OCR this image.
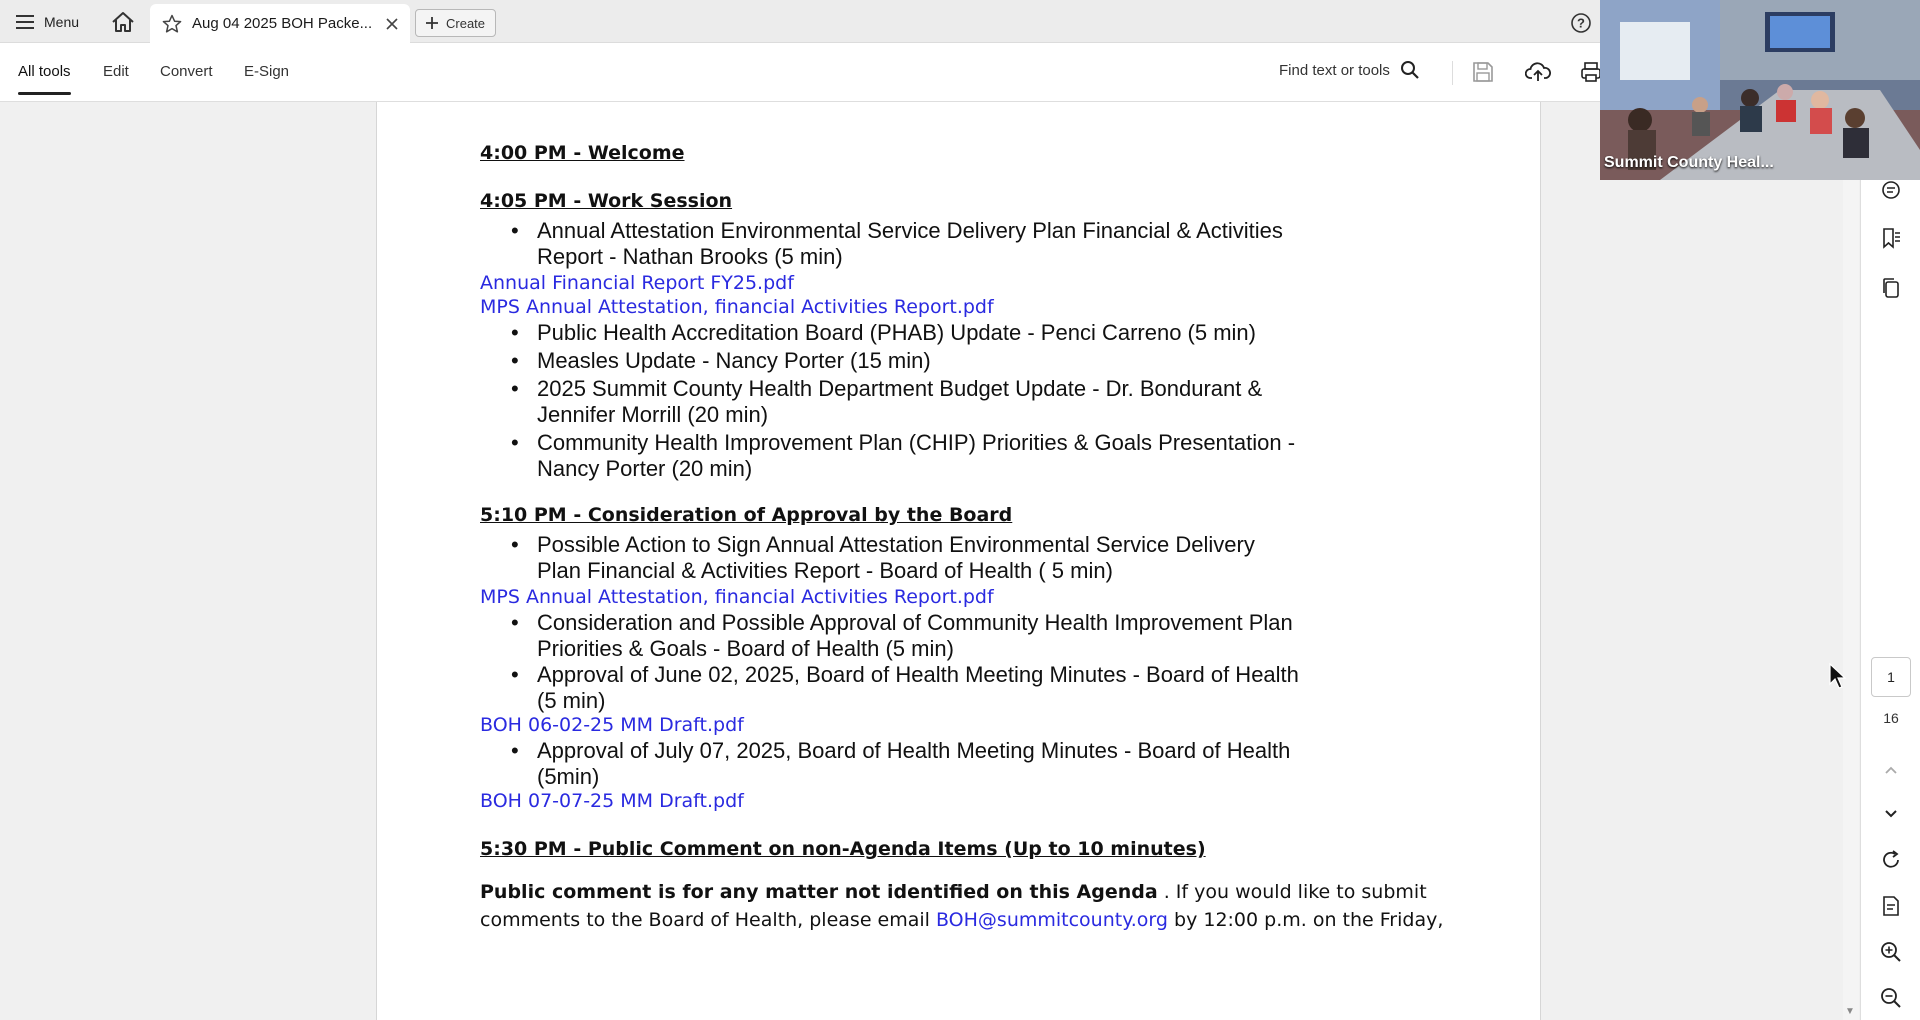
Menu	Aug 04 2025 BOH Packe...	Create	?
All tools Edit Convert E-Sign	Find text or tools
4:00 PM - Welcome
4:05 PM - Work Session
• Annual Attestation Environmental Service Delivery Plan Financial & Activities
Report - Nathan Brooks (5 min)
Annual Financial Report FY25.pdf
MPS Annual Attestation, financial Activities Report.pdf
• Public Health Accreditation Board (PHAB) Update - Penci Carreno (5 min)
• Measles Update - Nancy Porter (15 min)
• 2025 Summit County Health Department Budget Update - Dr. Bondurant &
Jennifer Morrill (20 min)
• Community Health Improvement Plan (CHIP) Priorities & Goals Presentation -
Nancy Porter (20 min)
5:10 PM - Consideration of Approval by the Board
• Possible Action to Sign Annual Attestation Environmental Service Delivery
Plan Financial & Activities Report - Board of Health ( 5 min)
MPS Annual Attestation, financial Activities Report.pdf
• Consideration and Possible Approval of Community Health Improvement Plan
Priorities & Goals - Board of Health (5 min)
• Approval of June 02, 2025, Board of Health Meeting Minutes - Board of Health
(5 min)
BOH 06-02-25 MM Draft.pdf
• Approval of July 07, 2025, Board of Health Meeting Minutes - Board of Health
(5min)
BOH 07-07-25 MM Draft.pdf
5:30 PM - Public Comment on non-Agenda Items (Up to 10 minutes)
Public comment is for any matter not identified on this Agenda . If you would like to submit
comments to the Board of Health, please email BOH@summitcounty.org by 12:00 p.m. on the Friday,
▼
1
16
Summit County Heal...
